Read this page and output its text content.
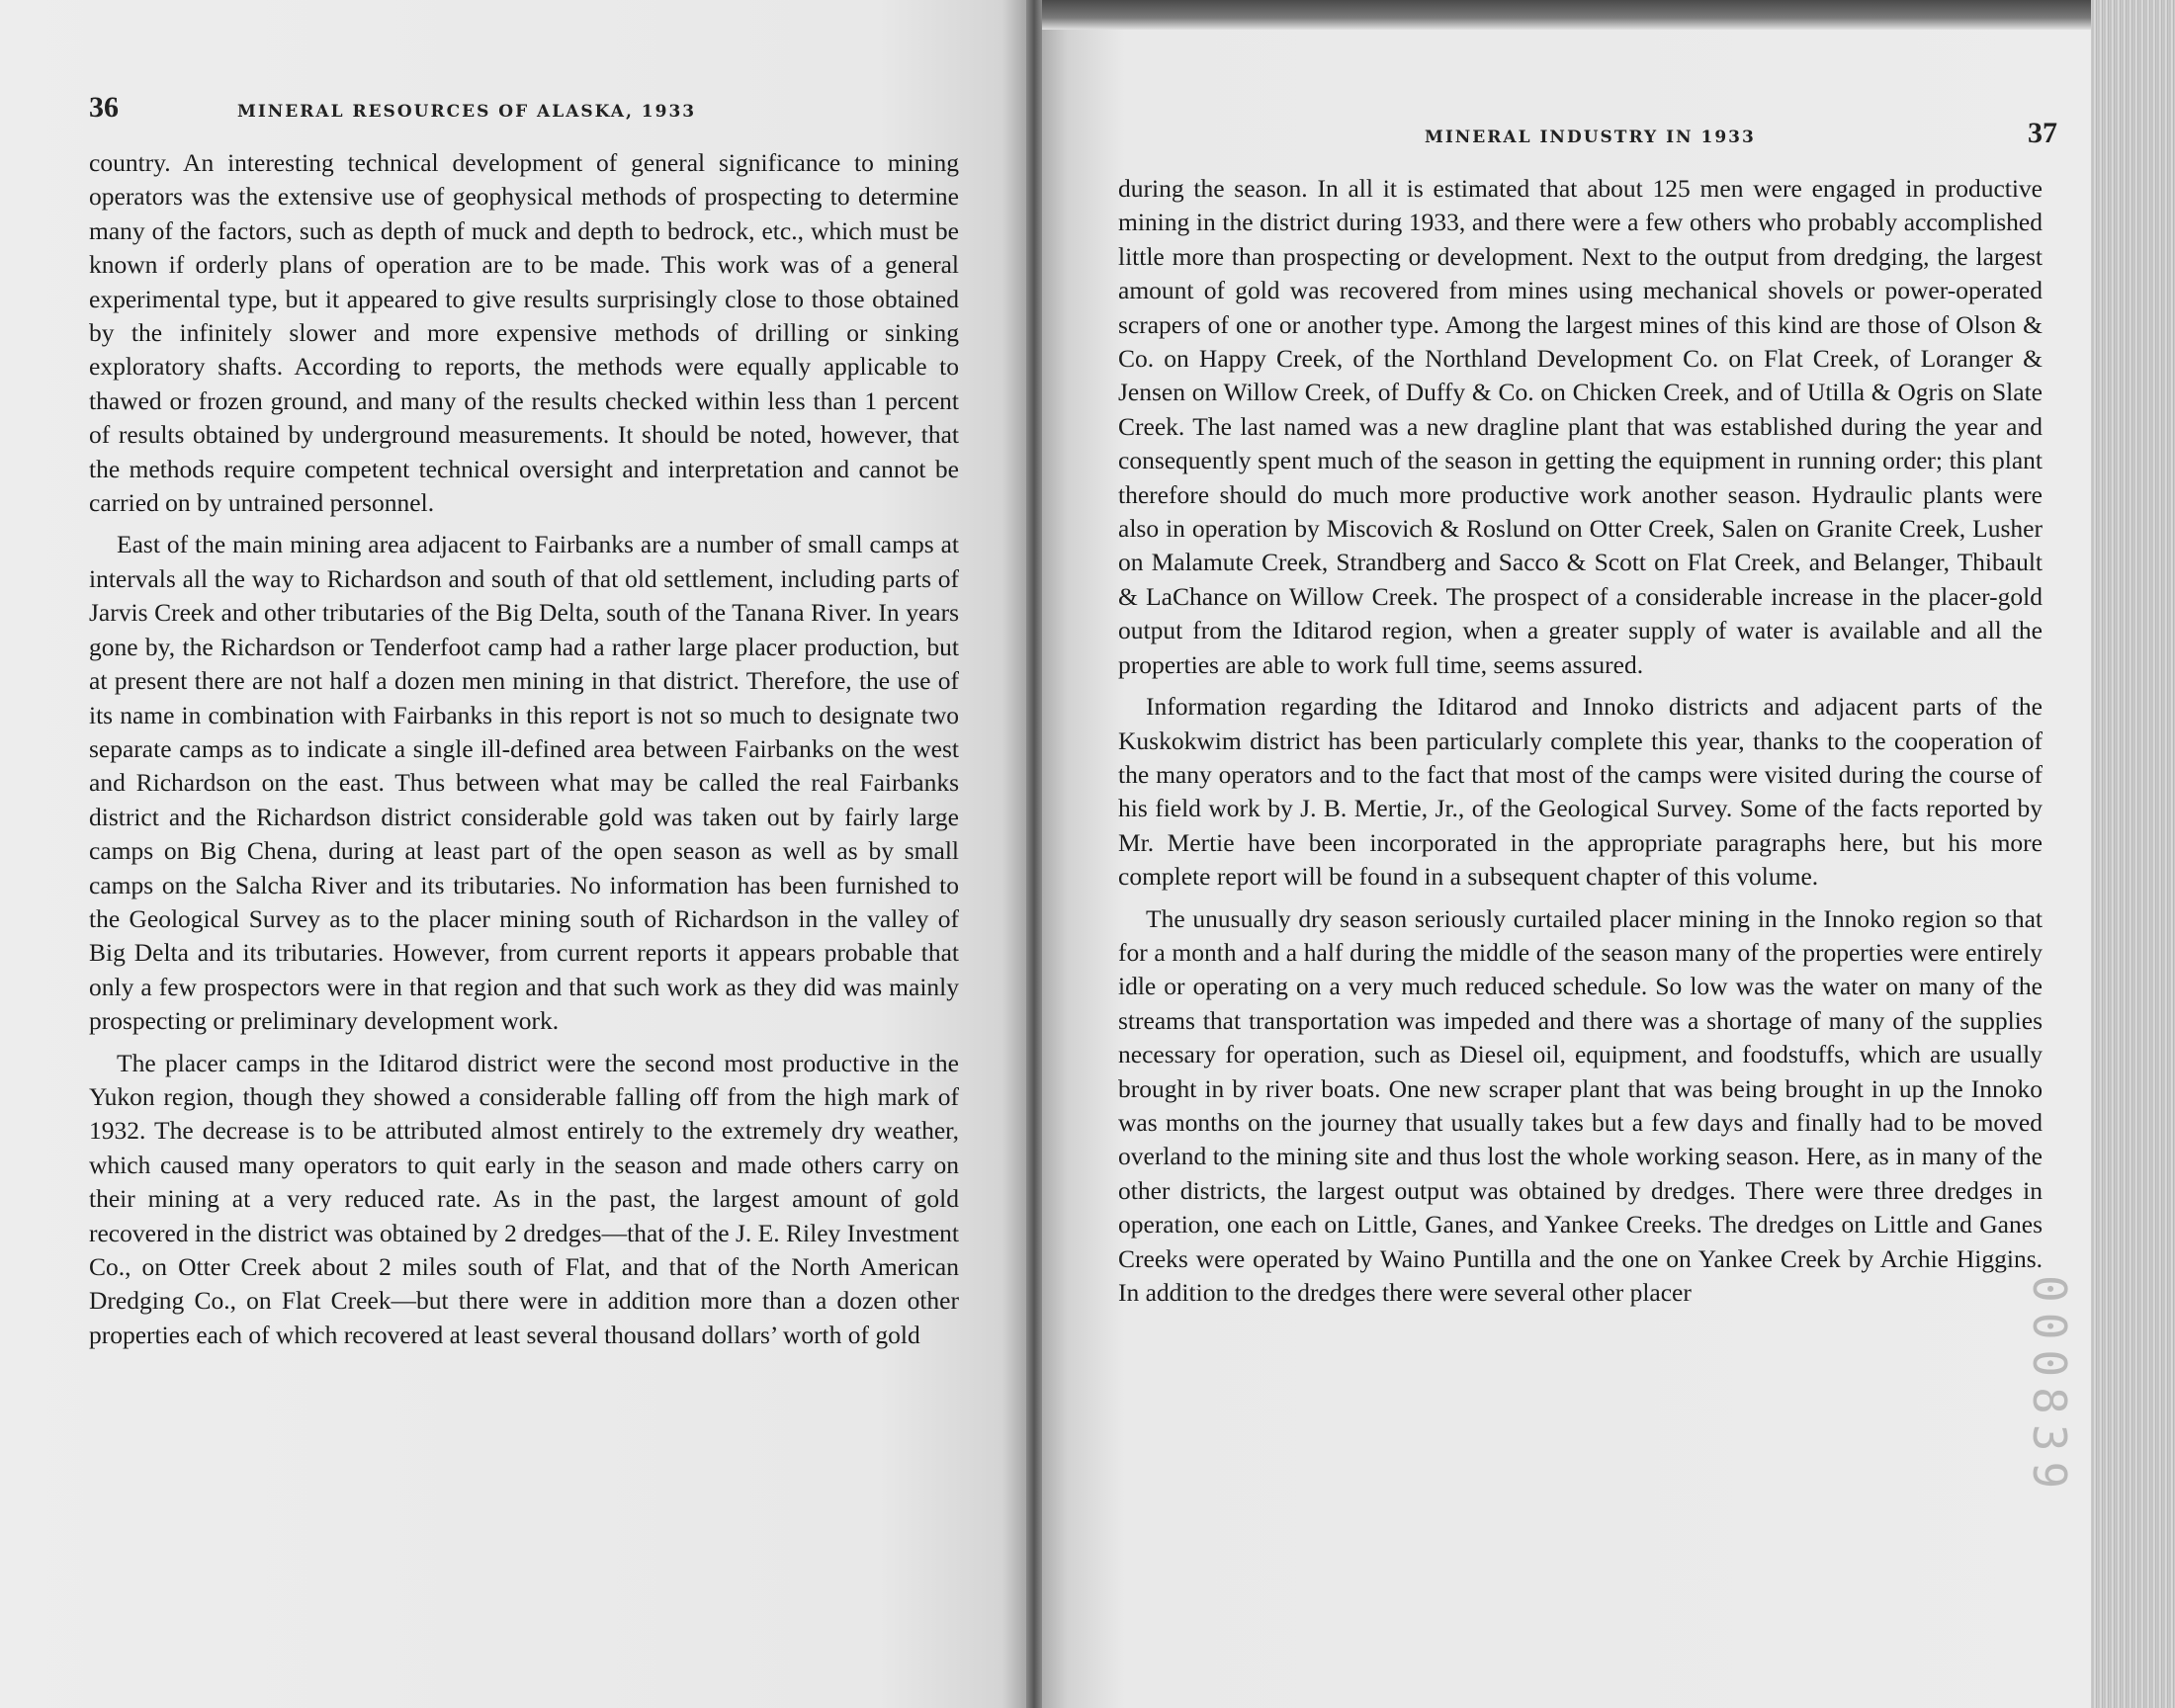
36	MINERAL RESOURCES OF ALASKA, 1933

country. An interesting technical development of general significance to mining operators was the extensive use of geophysical methods of prospecting to determine many of the factors, such as depth of muck and depth to bedrock, etc., which must be known if orderly plans of operation are to be made. This work was of a general experimental type, but it appeared to give results surprisingly close to those obtained by the infinitely slower and more expensive methods of drilling or sinking exploratory shafts. According to reports, the methods were equally applicable to thawed or frozen ground, and many of the results checked within less than 1 percent of results obtained by underground measurements. It should be noted, however, that the methods require competent technical oversight and interpretation and cannot be carried on by untrained personnel.

East of the main mining area adjacent to Fairbanks are a number of small camps at intervals all the way to Richardson and south of that old settlement, including parts of Jarvis Creek and other tributaries of the Big Delta, south of the Tanana River. In years gone by, the Richardson or Tenderfoot camp had a rather large placer production, but at present there are not half a dozen men mining in that district. Therefore, the use of its name in combination with Fairbanks in this report is not so much to designate two separate camps as to indicate a single ill-defined area between Fairbanks on the west and Richardson on the east. Thus between what may be called the real Fairbanks district and the Richardson district considerable gold was taken out by fairly large camps on Big Chena, during at least part of the open season as well as by small camps on the Salcha River and its tributaries. No information has been furnished to the Geological Survey as to the placer mining south of Richardson in the valley of Big Delta and its tributaries. However, from current reports it appears probable that only a few prospectors were in that region and that such work as they did was mainly prospecting or preliminary development work.

The placer camps in the Iditarod district were the second most productive in the Yukon region, though they showed a considerable falling off from the high mark of 1932. The decrease is to be attributed almost entirely to the extremely dry weather, which caused many operators to quit early in the season and made others carry on their mining at a very reduced rate. As in the past, the largest amount of gold recovered in the district was obtained by 2 dredges—that of the J. E. Riley Investment Co., on Otter Creek about 2 miles south of Flat, and that of the North American Dredging Co., on Flat Creek—but there were in addition more than a dozen other properties each of which recovered at least several thousand dollars’ worth of gold

MINERAL INDUSTRY IN 1933	37

during the season. In all it is estimated that about 125 men were engaged in productive mining in the district during 1933, and there were a few others who probably accomplished little more than prospecting or development. Next to the output from dredging, the largest amount of gold was recovered from mines using mechanical shovels or power-operated scrapers of one or another type. Among the largest mines of this kind are those of Olson & Co. on Happy Creek, of the Northland Development Co. on Flat Creek, of Loranger & Jensen on Willow Creek, of Duffy & Co. on Chicken Creek, and of Utilla & Ogris on Slate Creek. The last named was a new dragline plant that was established during the year and consequently spent much of the season in getting the equipment in running order; this plant therefore should do much more productive work another season. Hydraulic plants were also in operation by Miscovich & Roslund on Otter Creek, Salen on Granite Creek, Lusher on Malamute Creek, Strandberg and Sacco & Scott on Flat Creek, and Belanger, Thibault & LaChance on Willow Creek. The prospect of a considerable increase in the placer-gold output from the Iditarod region, when a greater supply of water is available and all the properties are able to work full time, seems assured.

Information regarding the Iditarod and Innoko districts and adjacent parts of the Kuskokwim district has been particularly complete this year, thanks to the cooperation of the many operators and to the fact that most of the camps were visited during the course of his field work by J. B. Mertie, Jr., of the Geological Survey. Some of the facts reported by Mr. Mertie have been incorporated in the appropriate paragraphs here, but his more complete report will be found in a subsequent chapter of this volume.

The unusually dry season seriously curtailed placer mining in the Innoko region so that for a month and a half during the middle of the season many of the properties were entirely idle or operating on a very much reduced schedule. So low was the water on many of the streams that transportation was impeded and there was a shortage of many of the supplies necessary for operation, such as Diesel oil, equipment, and foodstuffs, which are usually brought in by river boats. One new scraper plant that was being brought in up the Innoko was months on the journey that usually takes but a few days and finally had to be moved overland to the mining site and thus lost the whole working season. Here, as in many of the other districts, the largest output was obtained by dredges. There were three dredges in operation, one each on Little, Ganes, and Yankee Creeks. The dredges on Little and Ganes Creeks were operated by Waino Puntilla and the one on Yankee Creek by Archie Higgins. In addition to the dredges there were several other placer	000839
